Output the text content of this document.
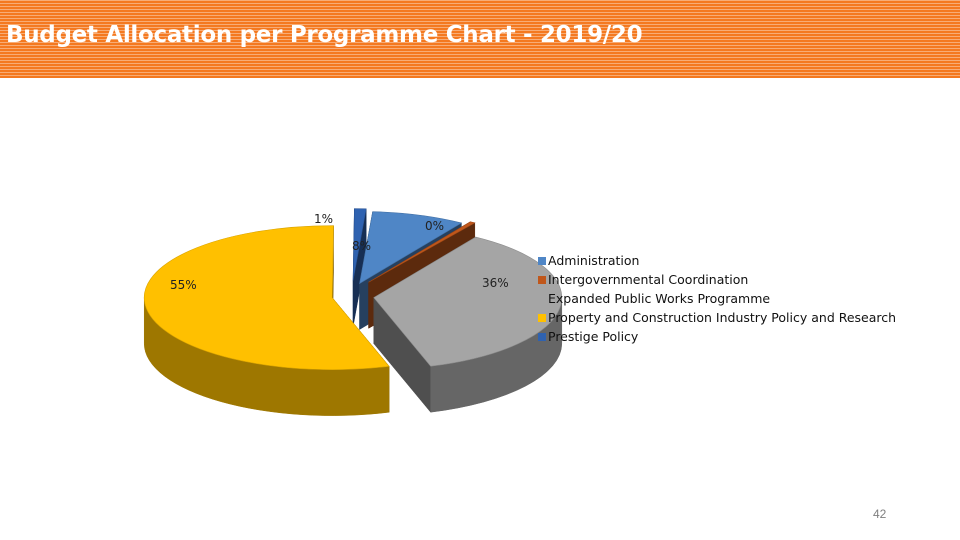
Budget Allocation per Programme Chart - 2019/20
1%	0%
8%
55%	36%
Administration
Intergovernmental Coordination
Expanded Public Works Programme
Property and Construction Industry Policy and Research
Prestige Policy
42
